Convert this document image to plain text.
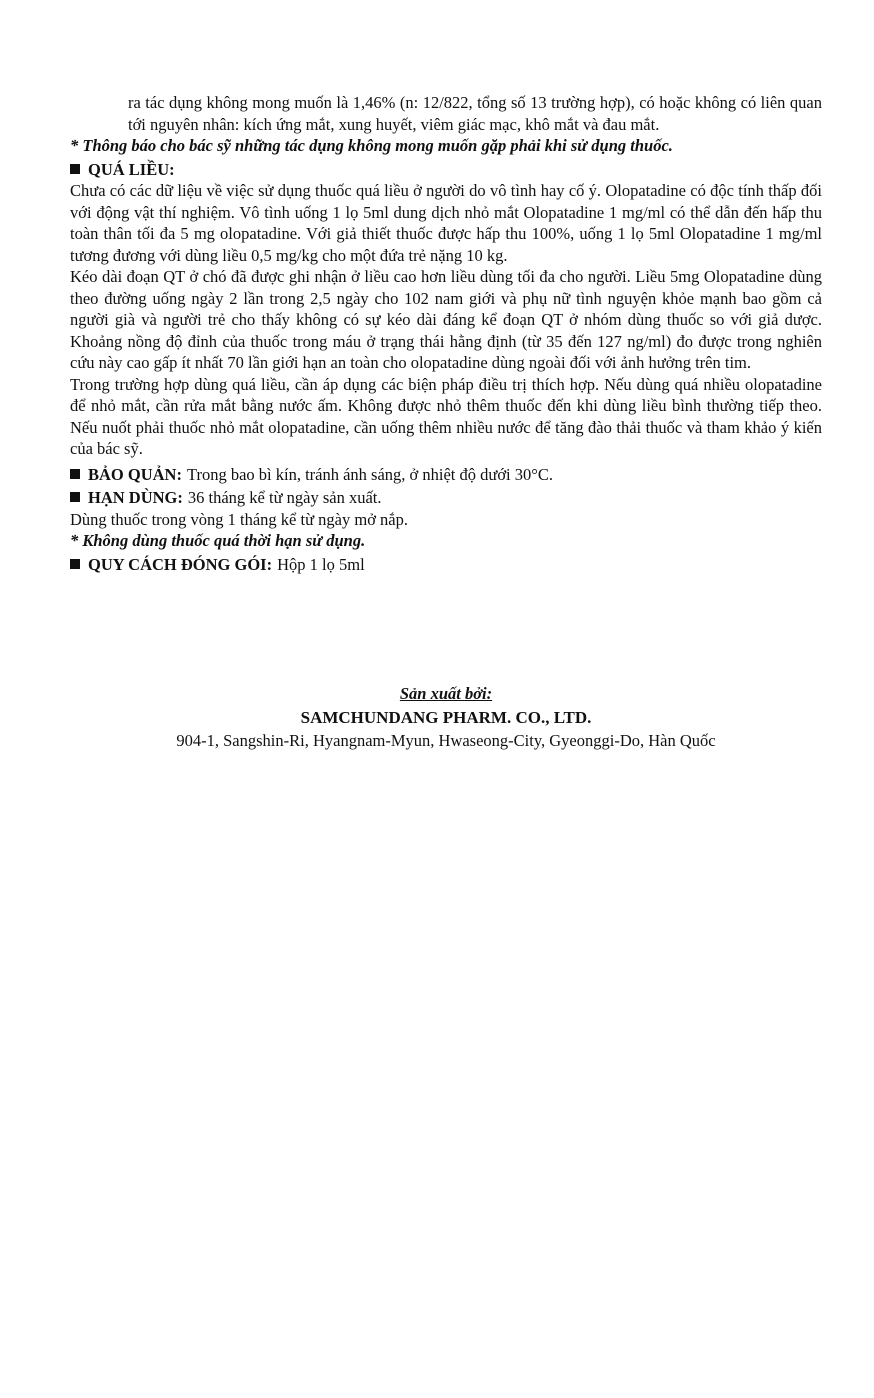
ra tác dụng không mong muốn là 1,46% (n: 12/822, tổng số 13 trường hợp), có hoặc không có liên quan tới nguyên nhân: kích ứng mắt, xung huyết, viêm giác mạc, khô mắt và đau mắt.

* Thông báo cho bác sỹ những tác dụng không mong muốn gặp phải khi sử dụng thuốc.

QUÁ LIỀU:

Chưa có các dữ liệu về việc sử dụng thuốc quá liều ở người do vô tình hay cố ý. Olopatadine có độc tính thấp đối với động vật thí nghiệm. Vô tình uống 1 lọ 5ml dung dịch nhỏ mắt Olopatadine 1 mg/ml có thể dẫn đến hấp thu toàn thân tối đa 5 mg olopatadine. Với giả thiết thuốc được hấp thu 100%, uống 1 lọ 5ml Olopatadine 1 mg/ml tương đương với dùng liều 0,5 mg/kg cho một đứa trẻ nặng 10 kg.

Kéo dài đoạn QT ở chó đã được ghi nhận ở liều cao hơn liều dùng tối đa cho người. Liều 5mg Olopatadine dùng theo đường uống ngày 2 lần trong 2,5 ngày cho 102 nam giới và phụ nữ tình nguyện khỏe mạnh bao gồm cả người già và người trẻ cho thấy không có sự kéo dài đáng kể đoạn QT ở nhóm dùng thuốc so với giả dược. Khoảng nồng độ đỉnh của thuốc trong máu ở trạng thái hằng định (từ 35 đến 127 ng/ml) đo được trong nghiên cứu này cao gấp ít nhất 70 lần giới hạn an toàn cho olopatadine dùng ngoài đối với ảnh hưởng trên tim.

Trong trường hợp dùng quá liều, cần áp dụng các biện pháp điều trị thích hợp. Nếu dùng quá nhiều olopatadine để nhỏ mắt, cần rửa mắt bằng nước ấm. Không được nhỏ thêm thuốc đến khi dùng liều bình thường tiếp theo. Nếu nuốt phải thuốc nhỏ mắt olopatadine, cần uống thêm nhiều nước để tăng đào thải thuốc và tham khảo ý kiến của bác sỹ.

BẢO QUẢN: Trong bao bì kín, tránh ánh sáng, ở nhiệt độ dưới 30°C.
HẠN DÙNG: 36 tháng kể từ ngày sản xuất.

Dùng thuốc trong vòng 1 tháng kể từ ngày mở nắp.

* Không dùng thuốc quá thời hạn sử dụng.

QUY CÁCH ĐÓNG GÓI: Hộp 1 lọ 5ml
Sản xuất bởi:
SAMCHUNDANG PHARM. CO., LTD.
904-1, Sangshin-Ri, Hyangnam-Myun, Hwaseong-City, Gyeonggi-Do, Hàn Quốc
